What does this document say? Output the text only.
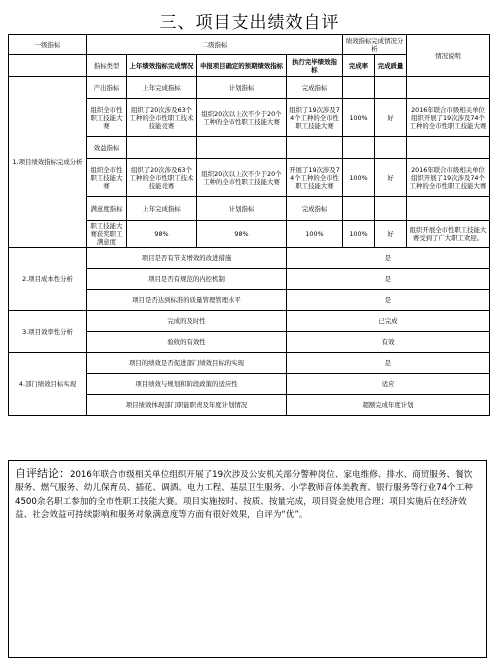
三、项目支出绩效自评
一级指标	二级指标				绩效指标完成情况分析		情况说明
	指标类型	上年绩效指标完成情况	申报项目确定的预期绩效指标	执行完毕绩效指标	完成率	完成质量	
1.项目绩效指标完成分析	产出指标	上年完成指标	计划指标	完成指标			
	组织全市性职工技能大赛	组织了20次涉及63个工种的全市性职工技术技能竞赛	组织20次以上次不少于20个工种的全市性职工技能大赛	组织了19次涉及74个工种的全市性职工技能大赛	100%	好	2016年联合市级相关单位组织开展了19次涉及74个工种的全市性职工技能大赛
	效益指标						
	组织全市性职工技能大赛	组织了20次涉及63个工种的全市性职工技术技能竞赛	组织20次以上次不少于20个工种的全市性职工技能大赛	开展了19次涉及74个工种的全市性职工技能大赛	100%	好	2016年联合市级相关单位组织开展了19次涉及74个工种的全市性职工技能大赛
	满意度指标	上年完成指标	计划指标	完成指标			
	职工技能大赛获奖职工满意度	98%	98%	100%	100%	好	组织开展全市性职工技能大赛受到了广大职工欢迎。
2.项目成本性分析	项目是否有节支增效的改进措施			是			
	项目是否有规范的内控机制			是			
	项目是否达到标准的质量管理管理水平			是			
3.项目效率性分析	完成的及时性			已完成			
	验收的有效性			有效			
4.部门绩效目标实现	项目的绩效是否促进部门绩效目标的实现			是			
	项目绩效与规划和阶段政策的适应性			适应			
	项目绩效体现部门职能职责及年度计划情况			超额完成年度计划			
自评结论：2016年联合市级相关单位组织开展了19次涉及公安机关部分警种岗位、家电维修、排水、商贸服务、餐饮服务、燃气服务、幼儿保育员、插花、调酒、电力工程、基层卫生服务、小学教师音体美教育、银行服务等行业74个工种4500余名职工参加的全市性职工技能大赛。项目实施按时、按质、按量完成，项目资金使用合理；项目实施后在经济效益、社会效益可持续影响和服务对象满意度等方面有很好效果，自评为“优”。
